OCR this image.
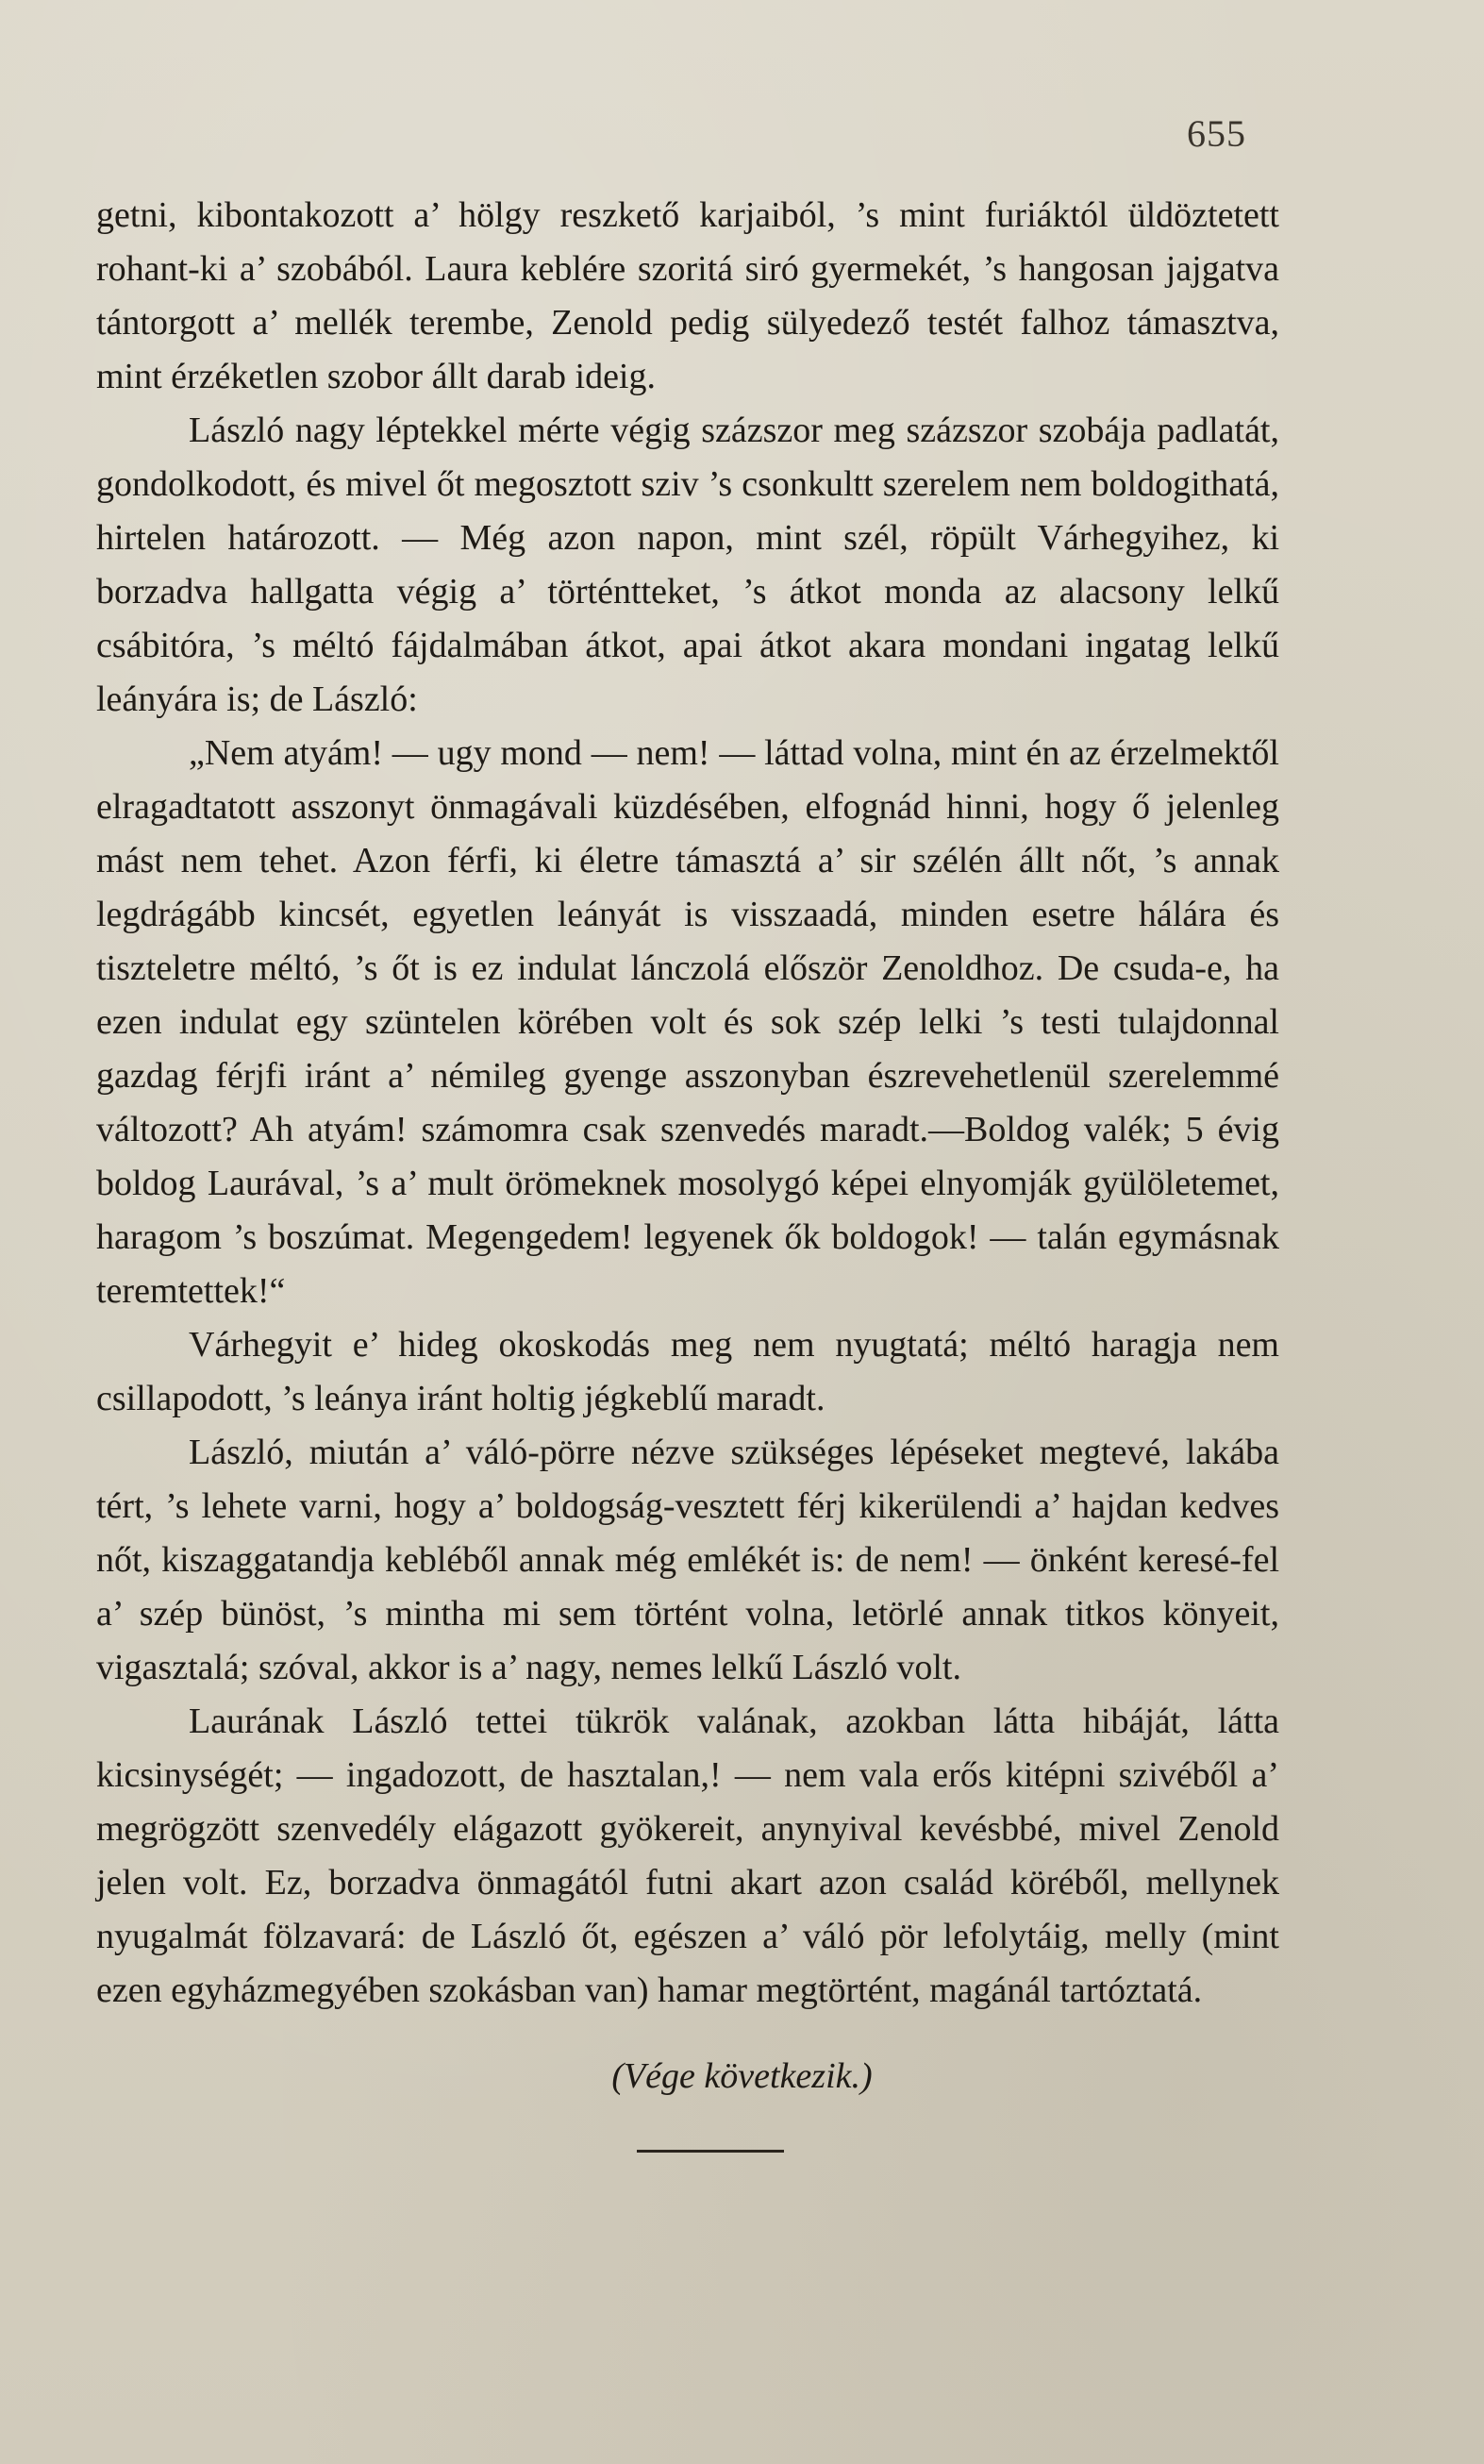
655

getni, kibontakozott a’ hölgy reszkető karjaiból, ’s mint furiáktól üldöztetett rohant-ki a’ szobából. Laura keblére szoritá siró gyermekét, ’s hangosan jajgatva tántorgott a’ mellék terembe, Zenold pedig sülyedező testét falhoz támasztva, mint érzéketlen szobor állt darab ideig.

László nagy léptekkel mérte végig százszor meg százszor szobája padlatát, gondolkodott, és mivel őt megosztott sziv ’s csonkultt szerelem nem boldogithatá, hirtelen határozott. — Még azon napon, mint szél, röpült Várhegyihez, ki borzadva hallgatta végig a’ történtteket, ’s átkot monda az alacsony lelkű csábitóra, ’s méltó fájdalmában átkot, apai átkot akara mondani ingatag lelkű leányára is; de László:

„Nem atyám! — ugy mond — nem! — láttad volna, mint én az érzelmektől elragadtatott asszonyt önmagávali küzdésében, elfognád hinni, hogy ő jelenleg mást nem tehet. Azon férfi, ki életre támasztá a’ sir szélén állt nőt, ’s annak legdrágább kincsét, egyetlen leányát is visszaadá, minden esetre hálára és tiszteletre méltó, ’s őt is ez indulat lánczolá először Zenoldhoz. De csuda-e, ha ezen indulat egy szüntelen körében volt és sok szép lelki ’s testi tulajdonnal gazdag férjfi iránt a’ némileg gyenge asszonyban észrevehetlenül szerelemmé változott? Ah atyám! számomra csak szenvedés maradt.—Boldog valék; 5 évig boldog Laurával, ’s a’ mult örömeknek mosolygó képei elnyomják gyülöletemet, haragom ’s boszúmat. Megengedem! legyenek ők boldogok! — talán egymásnak teremtettek!“

Várhegyit e’ hideg okoskodás meg nem nyugtatá; méltó haragja nem csillapodott, ’s leánya iránt holtig jégkeblű maradt.

László, miután a’ váló-pörre nézve szükséges lépéseket megtevé, lakába tért, ’s lehete varni, hogy a’ boldogság-vesztett férj kikerülendi a’ hajdan kedves nőt, kiszaggatandja kebléből annak még emlékét is: de nem! — önként keresé-fel a’ szép bünöst, ’s mintha mi sem történt volna, letörlé annak titkos könyeit, vigasztalá; szóval, akkor is a’ nagy, nemes lelkű László volt.

Laurának László tettei tükrök valának, azokban látta hibáját, látta kicsinységét; — ingadozott, de hasztalan,! — nem vala erős kitépni szivéből a’ megrögzött szenvedély elágazott gyökereit, anynyival kevésbbé, mivel Zenold jelen volt. Ez, borzadva önmagától futni akart azon család köréből, mellynek nyugalmát fölzavará: de László őt, egészen a’ váló pör lefolytáig, melly (mint ezen egyházmegyében szokásban van) hamar megtörtént, magánál tartóztatá.

(Vége következik.)
